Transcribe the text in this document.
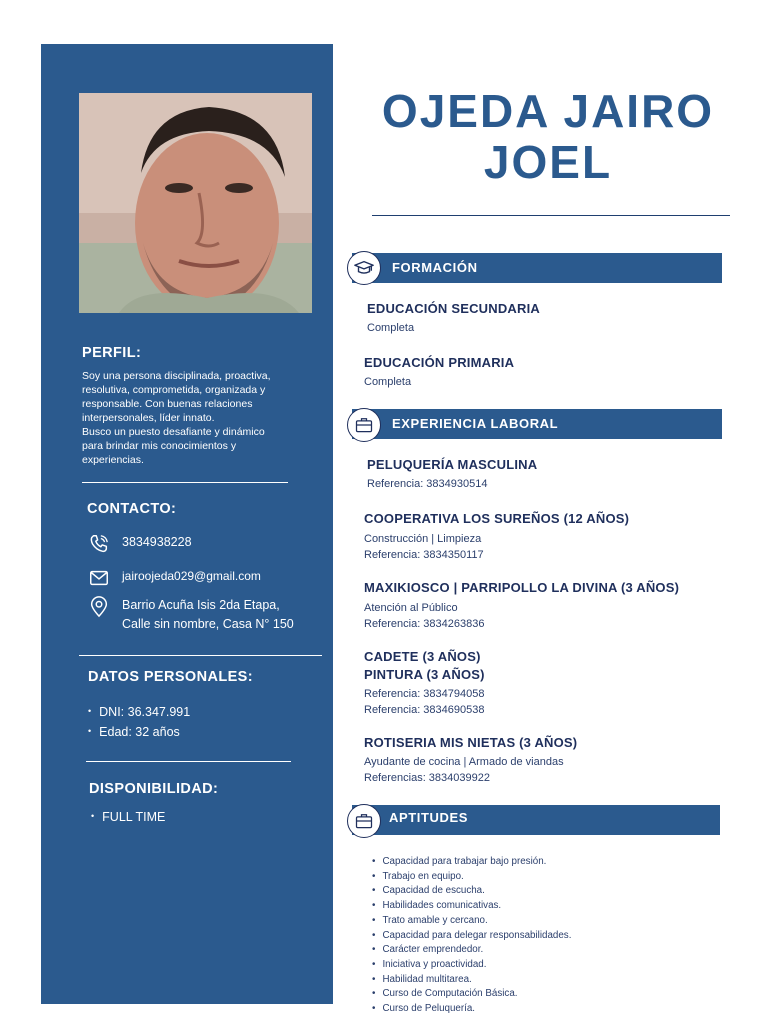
PERFIL:
Soy una persona disciplinada, proactiva,
resolutiva, comprometida, organizada y
responsable. Con buenas relaciones
interpersonales, líder innato.
Busco un puesto desafiante y dinámico
para brindar mis conocimientos y
experiencias.
CONTACTO:
3834938228
jairoojeda029@gmail.com
Barrio Acuña Isis 2da Etapa,
Calle sin nombre, Casa N° 150
DATOS PERSONALES:
• DNI: 36.347.991
• Edad: 32 años
DISPONIBILIDAD:
• FULL TIME
OJEDA JAIRO
JOEL
FORMACIÓN
EDUCACIÓN SECUNDARIA
Completa
EDUCACIÓN PRIMARIA
Completa
EXPERIENCIA LABORAL
PELUQUERÍA MASCULINA
Referencia: 3834930514
COOPERATIVA LOS SUREÑOS (12 AÑOS)
Construcción | Limpieza
Referencia: 3834350117
MAXIKIOSCO | PARRIPOLLO LA DIVINA (3 AÑOS)
Atención al Público
Referencia: 3834263836
CADETE (3 AÑOS)
PINTURA (3 AÑOS)
Referencia: 3834794058
Referencia: 3834690538
ROTISERIA MIS NIETAS (3 AÑOS)
Ayudante de cocina | Armado de viandas
Referencias: 3834039922
APTITUDES
• Capacidad para trabajar bajo presión.
• Trabajo en equipo.
• Capacidad de escucha.
• Habilidades comunicativas.
• Trato amable y cercano.
• Capacidad para delegar responsabilidades.
• Carácter emprendedor.
• Iniciativa y proactividad.
• Habilidad multitarea.
• Curso de Computación Básica.
• Curso de Peluquería.
